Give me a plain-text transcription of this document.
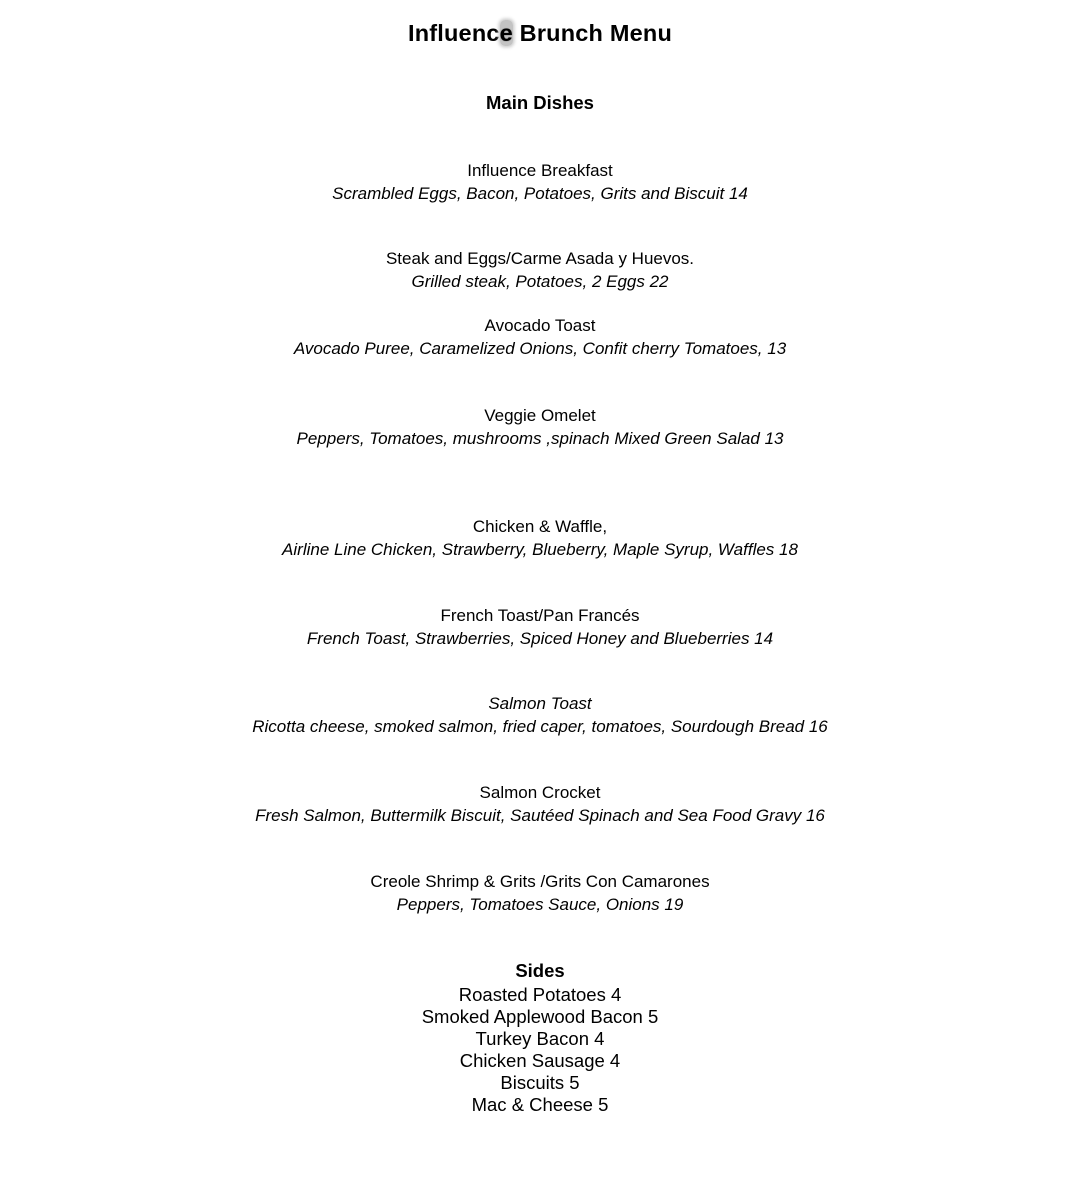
Influence Brunch Menu
Main Dishes

Influence Breakfast

Scrambled Eggs, Bacon, Potatoes, Grits and Biscuit 14

Steak and Eggs/Carme Asada y Huevos.

Grilled steak, Potatoes, 2 Eggs 22

Avocado Toast

Avocado Puree, Caramelized Onions, Confit cherry Tomatoes, 13

Veggie Omelet

Peppers, Tomatoes, mushrooms ,spinach Mixed Green Salad 13

Chicken & Waffle,

Airline Line Chicken, Strawberry, Blueberry, Maple Syrup, Waffles 18

French Toast/Pan Francés

French Toast, Strawberries, Spiced Honey and Blueberries 14

Salmon Toast

Ricotta cheese, smoked salmon, fried caper, tomatoes, Sourdough Bread 16

Salmon Crocket

Fresh Salmon, Buttermilk Biscuit, Sautéed Spinach and Sea Food Gravy 16

Creole Shrimp & Grits /Grits Con Camarones

Peppers, Tomatoes Sauce, Onions 19

Sides

Roasted Potatoes 4

Smoked Applewood Bacon 5

Turkey Bacon 4

Chicken Sausage 4

Biscuits 5

Mac & Cheese 5
